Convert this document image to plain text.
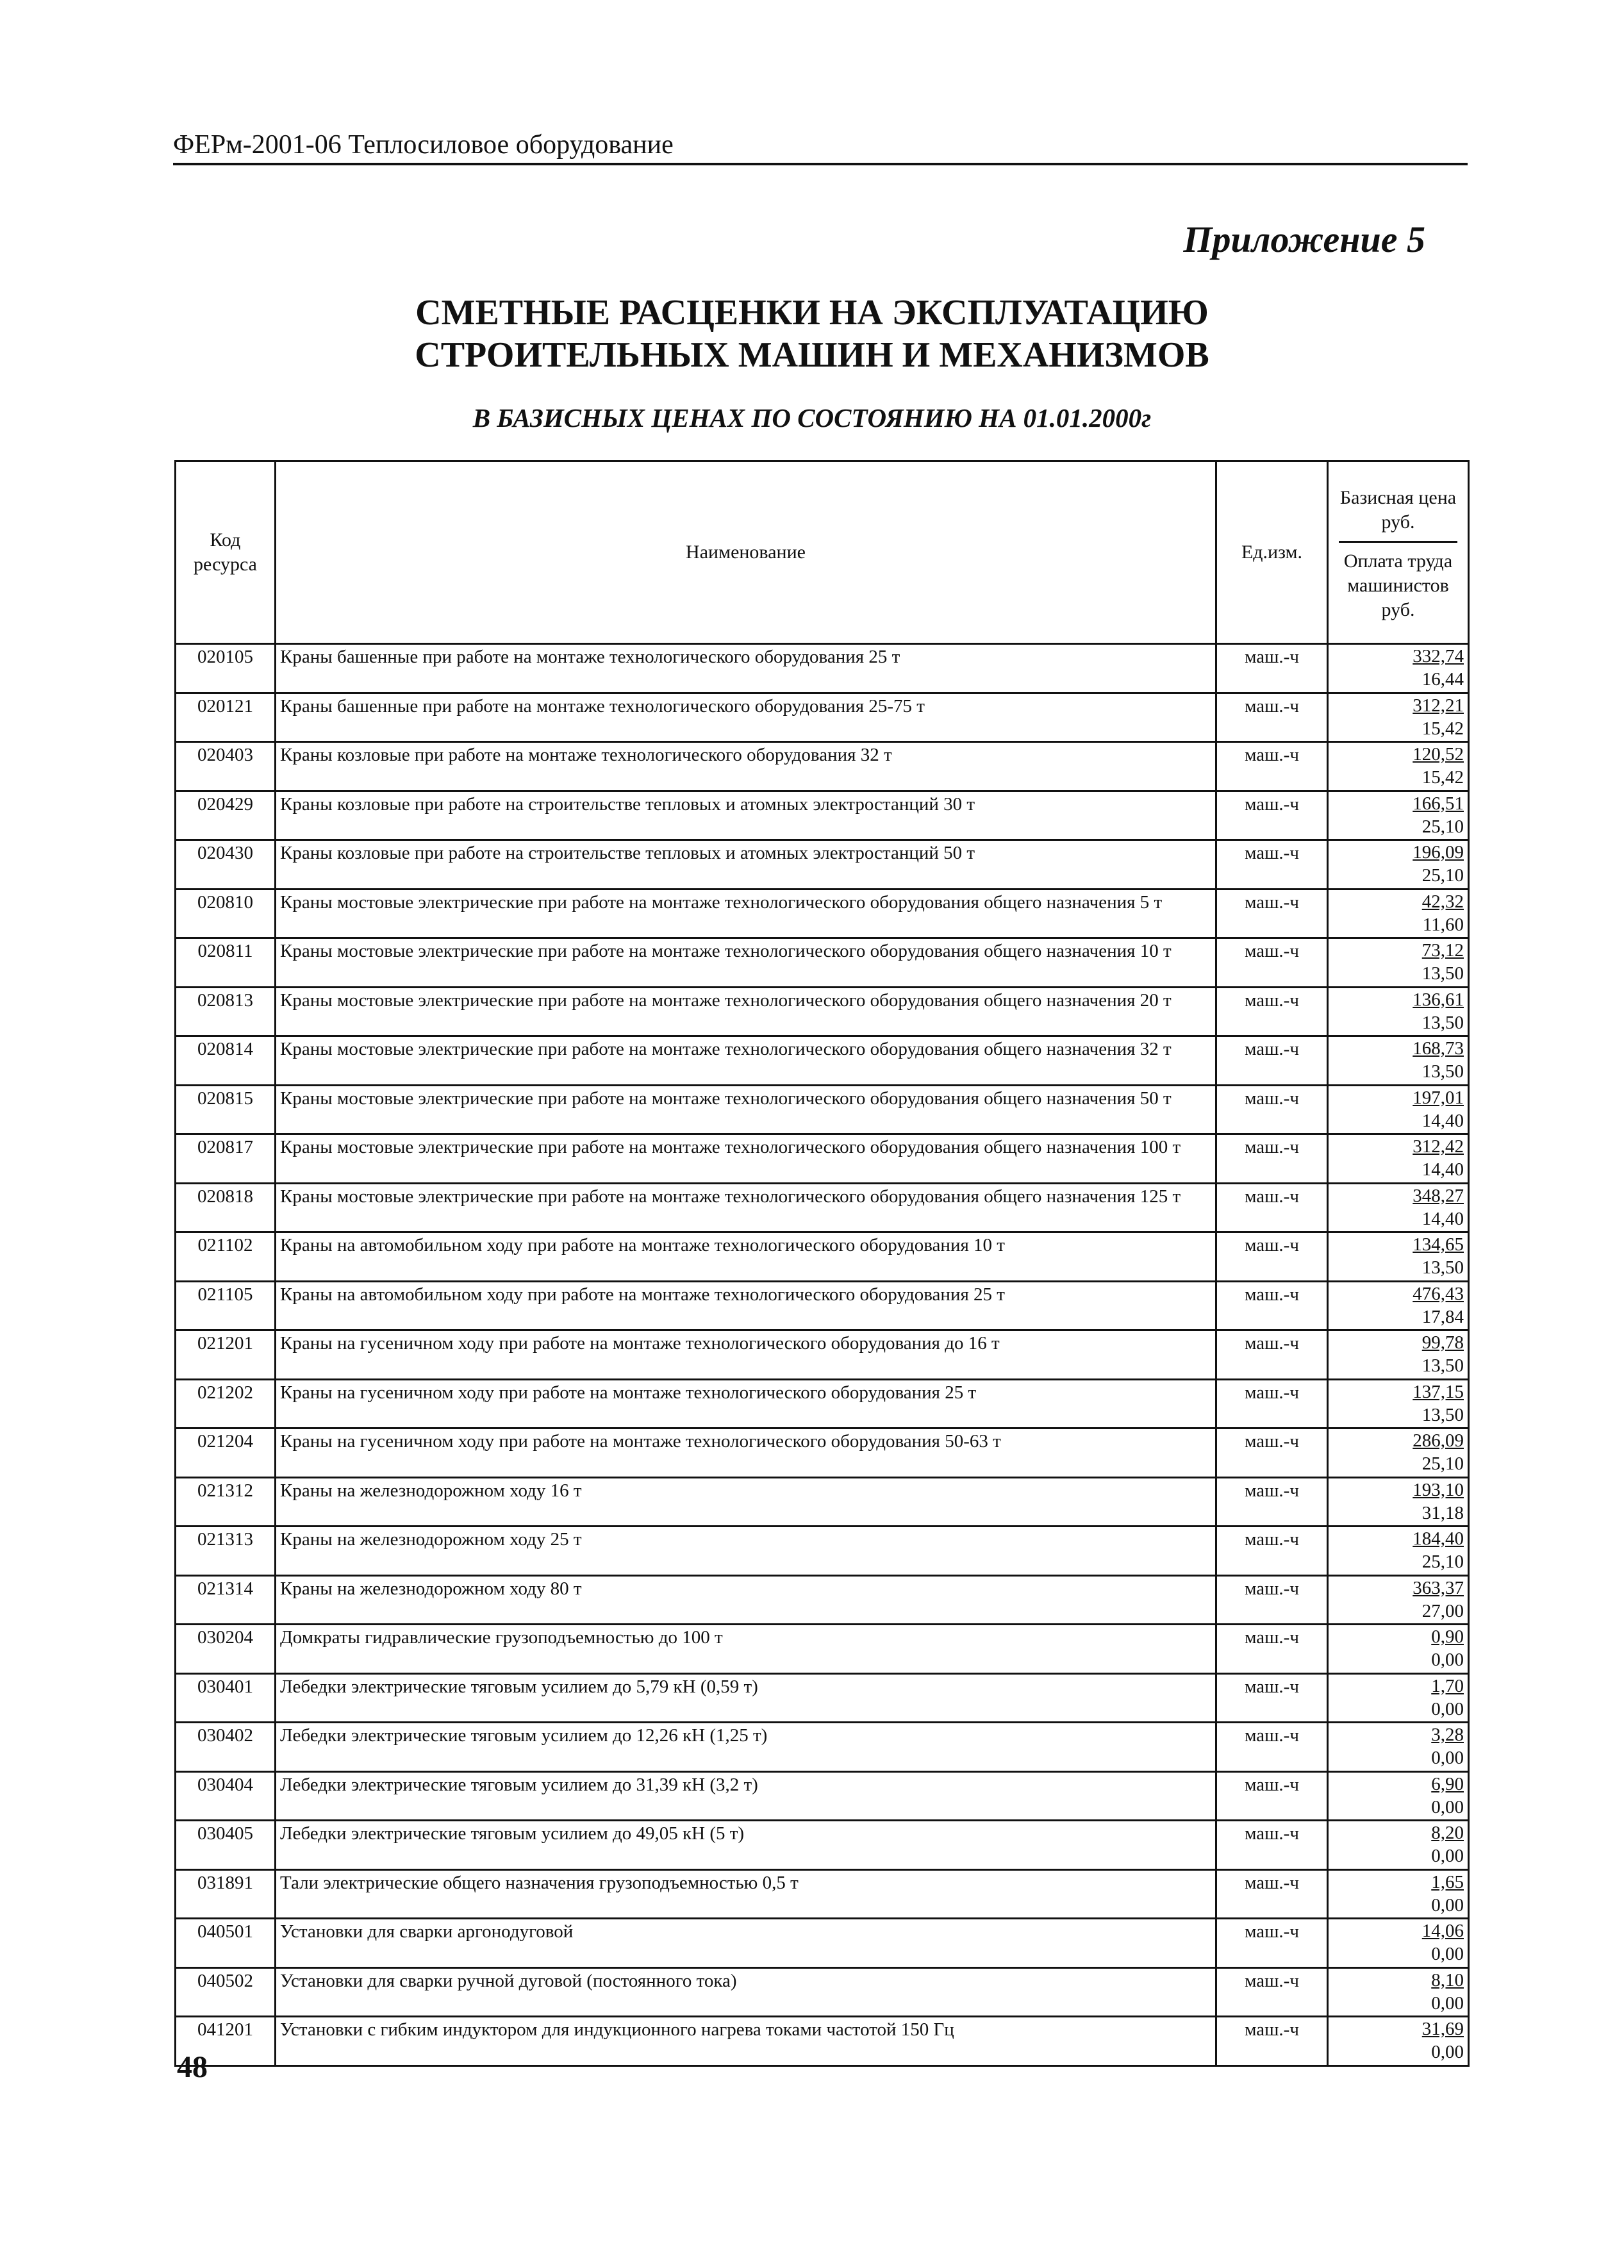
ФЕРм-2001-06 Теплосиловое оборудование
Приложение 5
СМЕТНЫЕ РАСЦЕНКИ НА ЭКСПЛУАТАЦИЮ
СТРОИТЕЛЬНЫХ МАШИН И МЕХАНИЗМОВ
В БАЗИСНЫХ ЦЕНАХ ПО СОСТОЯНИЮ НА 01.01.2000г
Код ресурса	Наименование	Ед.изм.	Базисная цена руб.
Оплата труда машинистов руб.

020105	Краны башенные при работе на монтаже технологического оборудования 25 т	маш.-ч	332,74
16,44

020121	Краны башенные при работе на монтаже технологического оборудования 25-75 т	маш.-ч	312,21
15,42

020403	Краны козловые при работе на монтаже технологического оборудования 32 т	маш.-ч	120,52
15,42

020429	Краны козловые при работе на строительстве тепловых и атомных электростанций 30 т	маш.-ч	166,51
25,10

020430	Краны козловые при работе на строительстве тепловых и атомных электростанций 50 т	маш.-ч	196,09
25,10

020810	Краны мостовые электрические при работе на монтаже технологического оборудования общего назначения 5 т	маш.-ч	42,32
11,60

020811	Краны мостовые электрические при работе на монтаже технологического оборудования общего назначения 10 т	маш.-ч	73,12
13,50

020813	Краны мостовые электрические при работе на монтаже технологического оборудования общего назначения 20 т	маш.-ч	136,61
13,50

020814	Краны мостовые электрические при работе на монтаже технологического оборудования общего назначения 32 т	маш.-ч	168,73
13,50

020815	Краны мостовые электрические при работе на монтаже технологического оборудования общего назначения 50 т	маш.-ч	197,01
14,40

020817	Краны мостовые электрические при работе на монтаже технологического оборудования общего назначения 100 т	маш.-ч	312,42
14,40

020818	Краны мостовые электрические при работе на монтаже технологического оборудования общего назначения 125 т	маш.-ч	348,27
14,40

021102	Краны на автомобильном ходу при работе на монтаже технологического оборудования 10 т	маш.-ч	134,65
13,50

021105	Краны на автомобильном ходу при работе на монтаже технологического оборудования 25 т	маш.-ч	476,43
17,84

021201	Краны на гусеничном ходу при работе на монтаже технологического оборудования до 16 т	маш.-ч	99,78
13,50

021202	Краны на гусеничном ходу при работе на монтаже технологического оборудования 25 т	маш.-ч	137,15
13,50

021204	Краны на гусеничном ходу при работе на монтаже технологического оборудования 50-63 т	маш.-ч	286,09
25,10

021312	Краны на железнодорожном ходу 16 т	маш.-ч	193,10
31,18

021313	Краны на железнодорожном ходу 25 т	маш.-ч	184,40
25,10

021314	Краны на железнодорожном ходу 80 т	маш.-ч	363,37
27,00

030204	Домкраты гидравлические грузоподъемностью до 100 т	маш.-ч	0,90
0,00

030401	Лебедки электрические тяговым усилием до 5,79 кН (0,59 т)	маш.-ч	1,70
0,00

030402	Лебедки электрические тяговым усилием до 12,26 кН (1,25 т)	маш.-ч	3,28
0,00

030404	Лебедки электрические тяговым усилием до 31,39 кН (3,2 т)	маш.-ч	6,90
0,00

030405	Лебедки электрические тяговым усилием до 49,05 кН (5 т)	маш.-ч	8,20
0,00

031891	Тали электрические общего назначения грузоподъемностью 0,5 т	маш.-ч	1,65
0,00

040501	Установки для сварки аргонодуговой	маш.-ч	14,06
0,00

040502	Установки для сварки ручной дуговой (постоянного тока)	маш.-ч	8,10
0,00

041201	Установки с гибким индуктором для индукционного нагрева токами частотой 150 Гц	маш.-ч	31,69
0,00
48
